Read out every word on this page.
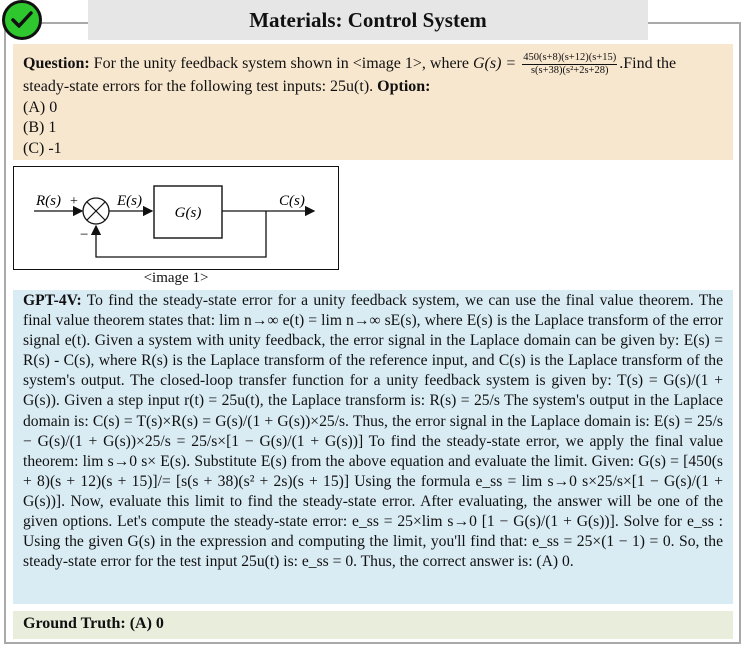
Materials: Control System
Question: For the unity feedback system shown in <image 1>, where $G(s) = \frac{450(s+8)(s+12)(s+15)}{\text{s(s+38)(s²+2s+28)}}$ .Find the steady-state errors for the following test inputs: 25u(t). Option:
(A) 0
(B) 1
(C) -1
R(s) +	E(s)
G(s)
C(s)
−
<image 1>
GPT-4V: To find the steady-state error for a unity feedback system, we can use the final value theorem. The final value theorem states that: lim n→∞ e(t) = lim n→∞ sE(s), where E(s) is the Laplace transform of the error signal e(t). Given a system with unity feedback, the error signal in the Laplace domain can be given by: E(s) = R(s) - C(s), where R(s) is the Laplace transform of the reference input, and C(s) is the Laplace transform of the system's output. The closed-loop transfer function for a unity feedback system is given by: T(s) = G(s)/(1 + G(s)). Given a step input r(t) = 25u(t), the Laplace transform is: R(s) = 25/s The system's output in the Laplace domain is: C(s) = T(s)×R(s) = G(s)/(1 + G(s))×25/s. Thus, the error signal in the Laplace domain is: E(s) = 25/s − G(s)/(1 + G(s))×25/s = 25/s×[1 − G(s)/(1 + G(s))] To find the steady-state error, we apply the final value theorem: lim s→0 s× E(s). Substitute E(s) from the above equation and evaluate the limit. Given: G(s) = [450(s + 8)(s + 12)(s + 15)]/= [s(s + 38)(s² + 2s)(s + 15)] Using the formula e_ss = lim s→0 s×25/s×[1 − G(s)/(1 + G(s))]. Now, evaluate this limit to find the steady-state error. After evaluating, the answer will be one of the given options. Let's compute the steady-state error: e_ss = 25×lim s→0 [1 − G(s)/(1 + G(s))]. Solve for e_ss : Using the given G(s) in the expression and computing the limit, you'll find that: e_ss = 25×(1 − 1) = 0. So, the steady-state error for the test input 25u(t) is: e_ss = 0. Thus, the correct answer is: (A) 0.
Ground Truth: (A) 0
